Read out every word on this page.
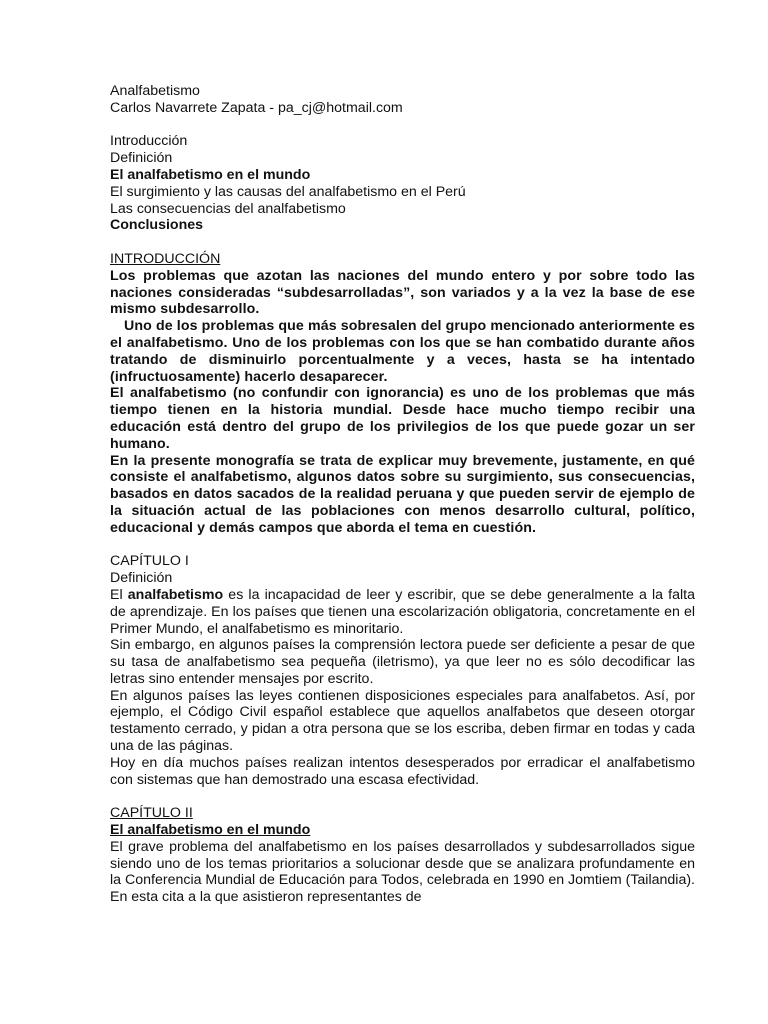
Analfabetismo
Carlos Navarrete Zapata - pa_cj@hotmail.com
Introducción
Definición
El analfabetismo en el mundo
El surgimiento y las causas del analfabetismo en el Perú
Las consecuencias del analfabetismo
Conclusiones
INTRODUCCIÓN

Los problemas que azotan las naciones del mundo entero y por sobre todo las naciones consideradas “subdesarrolladas”, son variados y a la vez la base de ese mismo subdesarrollo.

Uno de los problemas que más sobresalen del grupo mencionado anteriormente es el analfabetismo. Uno de los problemas con los que se han combatido durante años tratando de disminuirlo porcentualmente y a veces, hasta se ha intentado (infructuosamente) hacerlo desaparecer.

El analfabetismo (no confundir con ignorancia) es uno de los problemas que más tiempo tienen en la historia mundial. Desde hace mucho tiempo recibir una educación está dentro del grupo de los privilegios de los que puede gozar un ser humano.

En la presente monografía se trata de explicar muy brevemente, justamente, en qué consiste el analfabetismo, algunos datos sobre su surgimiento, sus consecuencias, basados en datos sacados de la realidad peruana y que pueden servir de ejemplo de la situación actual de las poblaciones con menos desarrollo cultural, político, educacional y demás campos que aborda el tema en cuestión.

CAPÍTULO I
Definición

El analfabetismo es la incapacidad de leer y escribir, que se debe generalmente a la falta de aprendizaje. En los países que tienen una escolarización obligatoria, concretamente en el Primer Mundo, el analfabetismo es minoritario.

Sin embargo, en algunos países la comprensión lectora puede ser deficiente a pesar de que su tasa de analfabetismo sea pequeña (iletrismo), ya que leer no es sólo decodificar las letras sino entender mensajes por escrito.

En algunos países las leyes contienen disposiciones especiales para analfabetos. Así, por ejemplo, el Código Civil español establece que aquellos analfabetos que deseen otorgar testamento cerrado, y pidan a otra persona que se los escriba, deben firmar en todas y cada una de las páginas.

Hoy en día muchos países realizan intentos desesperados por erradicar el analfabetismo con sistemas que han demostrado una escasa efectividad.

CAPÍTULO II
El analfabetismo en el mundo

El grave problema del analfabetismo en los países desarrollados y subdesarrollados sigue siendo uno de los temas prioritarios a solucionar desde que se analizara profundamente en la Conferencia Mundial de Educación para Todos, celebrada en 1990 en Jomtiem (Tailandia). En esta cita a la que asistieron representantes de
